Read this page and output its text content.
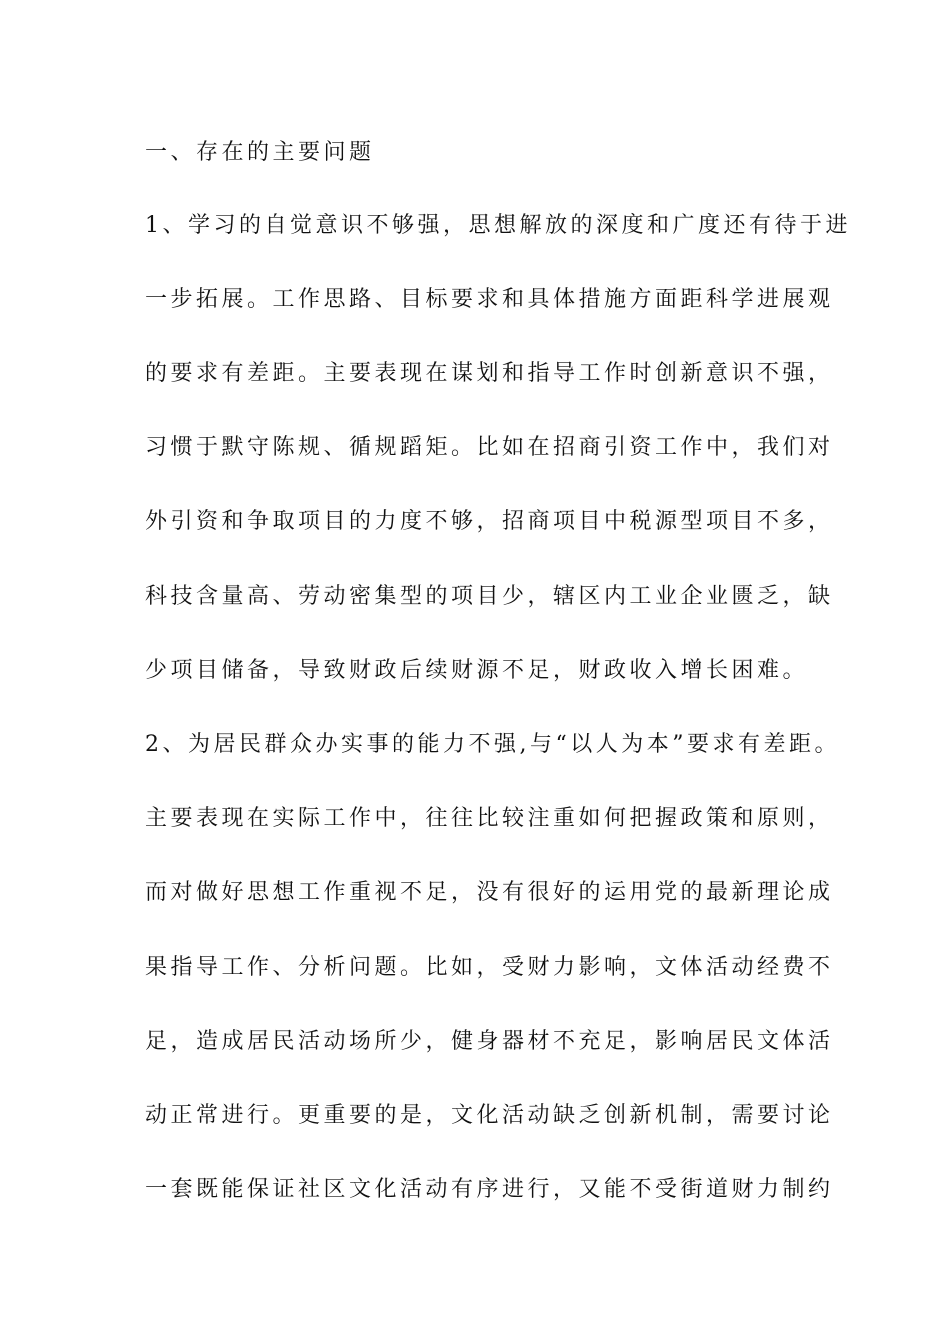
一、存在的主要问题
1、学习的自觉意识不够强，思想解放的深度和广度还有待于进
一步拓展。工作思路、目标要求和具体措施方面距科学进展观
的要求有差距。主要表现在谋划和指导工作时创新意识不强，
习惯于默守陈规、循规蹈矩。比如在招商引资工作中，我们对
外引资和争取项目的力度不够，招商项目中税源型项目不多，
科技含量高、劳动密集型的项目少，辖区内工业企业匮乏，缺
少项目储备，导致财政后续财源不足，财政收入增长困难。
2、为居民群众办实事的能力不强,与“以人为本”要求有差距。
主要表现在实际工作中，往往比较注重如何把握政策和原则，
而对做好思想工作重视不足，没有很好的运用党的最新理论成
果指导工作、分析问题。比如，受财力影响，文体活动经费不
足，造成居民活动场所少，健身器材不充足，影响居民文体活
动正常进行。更重要的是，文化活动缺乏创新机制，需要讨论
一套既能保证社区文化活动有序进行，又能不受街道财力制约
